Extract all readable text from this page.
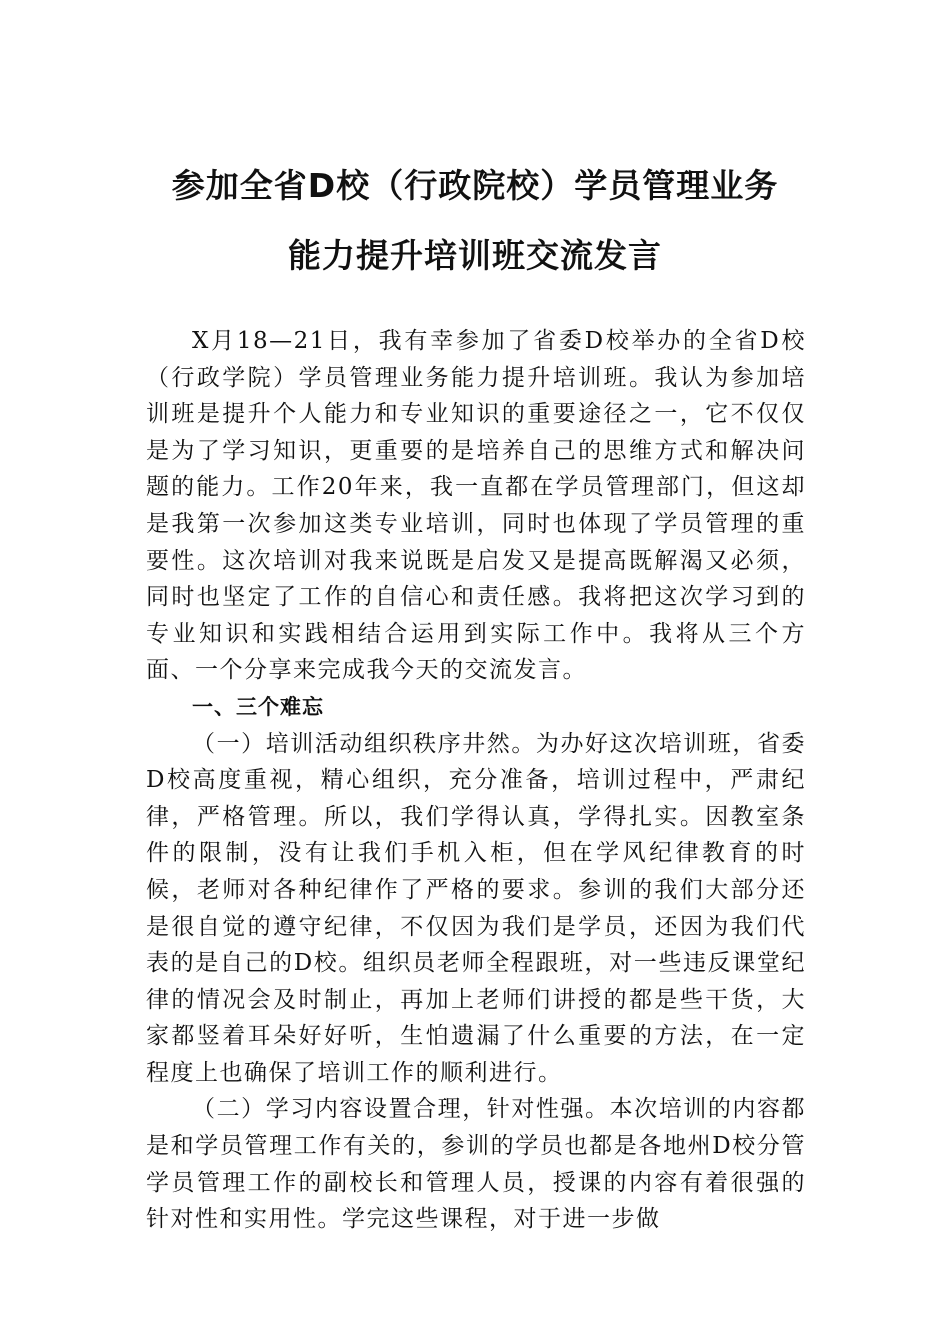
参加全省D校（行政院校）学员管理业务
能力提升培训班交流发言

X月18—21日，我有幸参加了省委D校举办的全省D校（行政学院）学员管理业务能力提升培训班。我认为参加培训班是提升个人能力和专业知识的重要途径之一，它不仅仅是为了学习知识，更重要的是培养自己的思维方式和解决问题的能力。工作20年来，我一直都在学员管理部门，但这却是我第一次参加这类专业培训，同时也体现了学员管理的重要性。这次培训对我来说既是启发又是提高既解渴又必须，同时也坚定了工作的自信心和责任感。我将把这次学习到的专业知识和实践相结合运用到实际工作中。我将从三个方面、一个分享来完成我今天的交流发言。

一、三个难忘

（一）培训活动组织秩序井然。为办好这次培训班，省委D校高度重视，精心组织，充分准备，培训过程中，严肃纪律，严格管理。所以，我们学得认真，学得扎实。因教室条件的限制，没有让我们手机入柜，但在学风纪律教育的时候，老师对各种纪律作了严格的要求。参训的我们大部分还是很自觉的遵守纪律，不仅因为我们是学员，还因为我们代表的是自己的D校。组织员老师全程跟班，对一些违反课堂纪律的情况会及时制止，再加上老师们讲授的都是些干货，大家都竖着耳朵好好听，生怕遗漏了什么重要的方法，在一定程度上也确保了培训工作的顺利进行。

（二）学习内容设置合理，针对性强。本次培训的内容都是和学员管理工作有关的，参训的学员也都是各地州D校分管学员管理工作的副校长和管理人员，授课的内容有着很强的针对性和实用性。学完这些课程，对于进一步做
